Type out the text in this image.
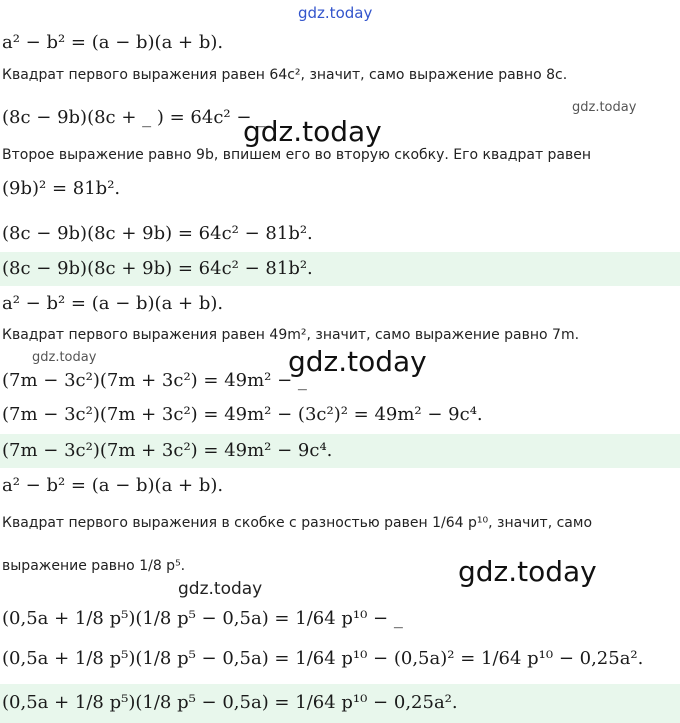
gdz.today
gdz.today
gdz.today
gdz.today	gdz.today
gdz.today
gdz.today
a² − b² = (a − b)(a + b).
Квадрат первого выражения равен 64c², значит, само выражение равно 8c.
(8c − 9b)(8c + _ ) = 64c² − _
Второе выражение равно 9b, впишем его во вторую скобку. Его квадрат равен
(9b)² = 81b².
(8c − 9b)(8c + 9b) = 64c² − 81b².
(8c − 9b)(8c + 9b) = 64c² − 81b².
a² − b² = (a − b)(a + b).
Квадрат первого выражения равен 49m², значит, само выражение равно 7m.
(7m − 3c²)(7m + 3c²) = 49m² − _
(7m − 3c²)(7m + 3c²) = 49m² − (3c²)² = 49m² − 9c⁴.
(7m − 3c²)(7m + 3c²) = 49m² − 9c⁴.
a² − b² = (a − b)(a + b).
Квадрат первого выражения в скобке с разностью равен 1/64 p¹⁰, значит, само
выражение равно 1/8 p⁵.
(0,5a + 1/8 p⁵)(1/8 p⁵ − 0,5a) = 1/64 p¹⁰ − _
(0,5a + 1/8 p⁵)(1/8 p⁵ − 0,5a) = 1/64 p¹⁰ − (0,5a)² = 1/64 p¹⁰ − 0,25a².
(0,5a + 1/8 p⁵)(1/8 p⁵ − 0,5a) = 1/64 p¹⁰ − 0,25a².
